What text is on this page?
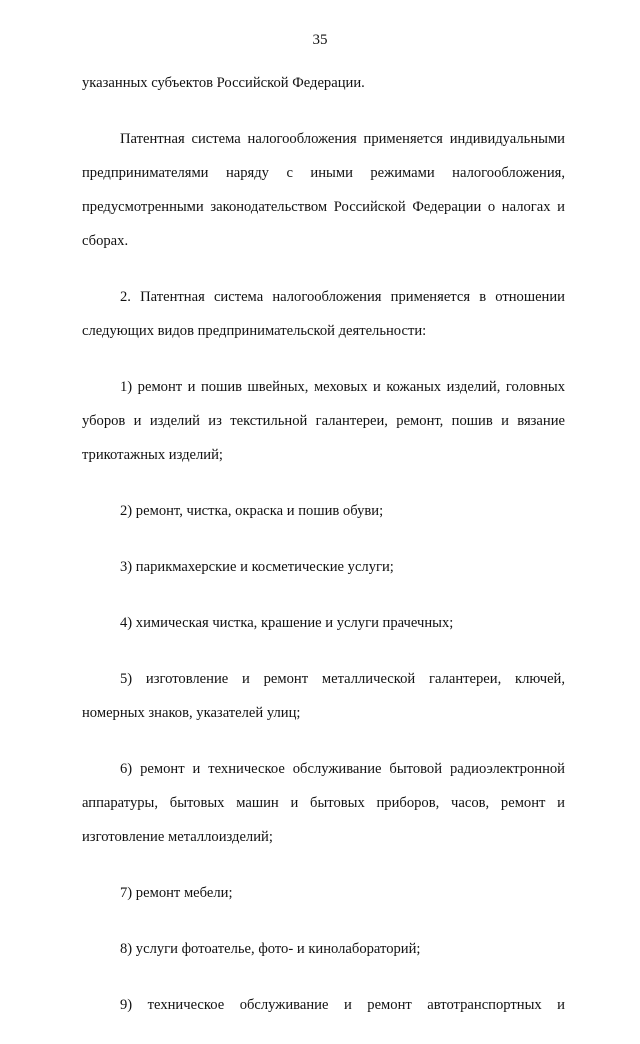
35

указанных субъектов Российской Федерации.

Патентная система налогообложения применяется индивидуальными предпринимателями наряду с иными режимами налогообложения, предусмотренными законодательством Российской Федерации о налогах и сборах.

2. Патентная система налогообложения применяется в отношении следующих видов предпринимательской деятельности:

1) ремонт и пошив швейных, меховых и кожаных изделий, головных уборов и изделий из текстильной галантереи, ремонт, пошив и вязание трикотажных изделий;

2) ремонт, чистка, окраска и пошив обуви;

3) парикмахерские и косметические услуги;

4) химическая чистка, крашение и услуги прачечных;

5) изготовление и ремонт металлической галантереи, ключей, номерных знаков, указателей улиц;

6) ремонт и техническое обслуживание бытовой радиоэлектронной аппаратуры, бытовых машин и бытовых приборов, часов, ремонт и изготовление металлоизделий;

7) ремонт мебели;

8) услуги фотоателье, фото- и кинолабораторий;

9) техническое обслуживание и ремонт автотранспортных и
